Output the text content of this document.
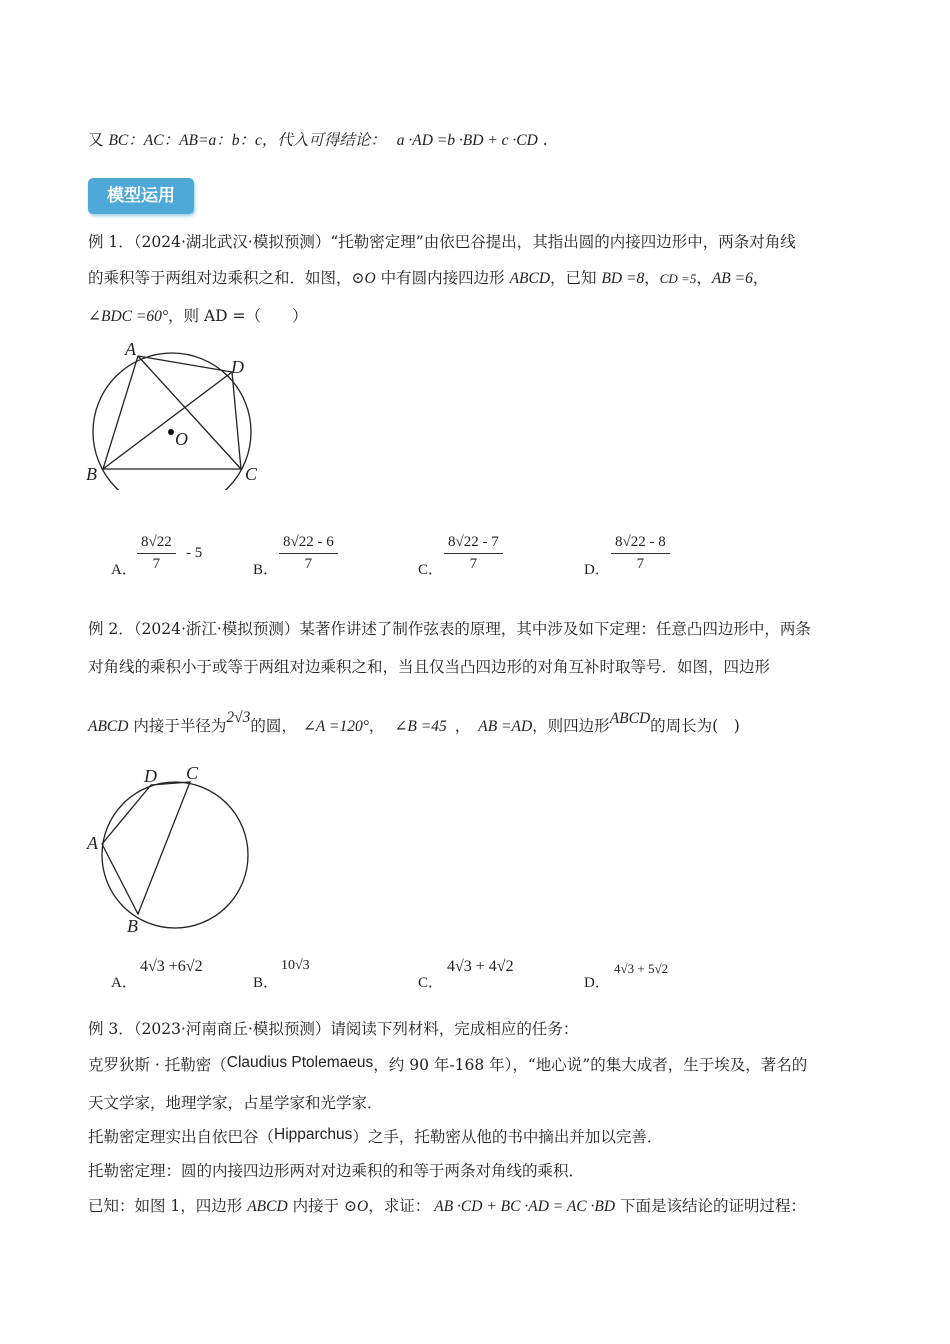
又 BC：AC：AB=a：b：c，代入可得结论： a ·AD =b ·BD + c ·CD .
模型运用
例 1．（2024·湖北武汉·模拟预测）“托勒密定理”由依巴谷提出，其指出圆的内接四边形中，两条对角线
的乘积等于两组对边乘积之和．如图，⊙O 中有圆内接四边形 ABCD，已知 BD =8，CD =5，AB =6，
∠BDC =60°，则 AD =（　　）
A
D
O
B	C
A． $\frac{8√22}{7} - 5$
B． $\frac{8√22 - 6}{7}$	C． $\frac{8√22 - 7}{7}$	D． $\frac{8√22 - 8}{7}$
例 2．（2024·浙江·模拟预测）某著作讲述了制作弦表的原理，其中涉及如下定理：任意凸四边形中，两条
对角线的乘积小于或等于两组对边乘积之和，当且仅当凸四边形的对角互补时取等号．如图，四边形
ABCD 内接于半径为2√3的圆， ∠A =120°， ∠B =45 ， AB =AD，则四边形ABCD的周长为(　)
D C
A
B
A．
4√3 +6√2
B．
10√3
C．
4√3 + 4√2
D．
4√3 + 5√2
例 3．（2023·河南商丘·模拟预测）请阅读下列材料，完成相应的任务：
克罗狄斯 · 托勒密（Claudius Ptolemaeus，约 90 年-168 年），“地心说”的集大成者，生于埃及，著名的
天文学家，地理学家，占星学家和光学家．
托勒密定理实出自依巴谷（Hipparchus）之手，托勒密从他的书中摘出并加以完善．
托勒密定理：圆的内接四边形两对对边乘积的和等于两条对角线的乘积．
已知：如图 1，四边形 ABCD 内接于 ⊙O，求证： AB ·CD + BC ·AD = AC ·BD 下面是该结论的证明过程：
